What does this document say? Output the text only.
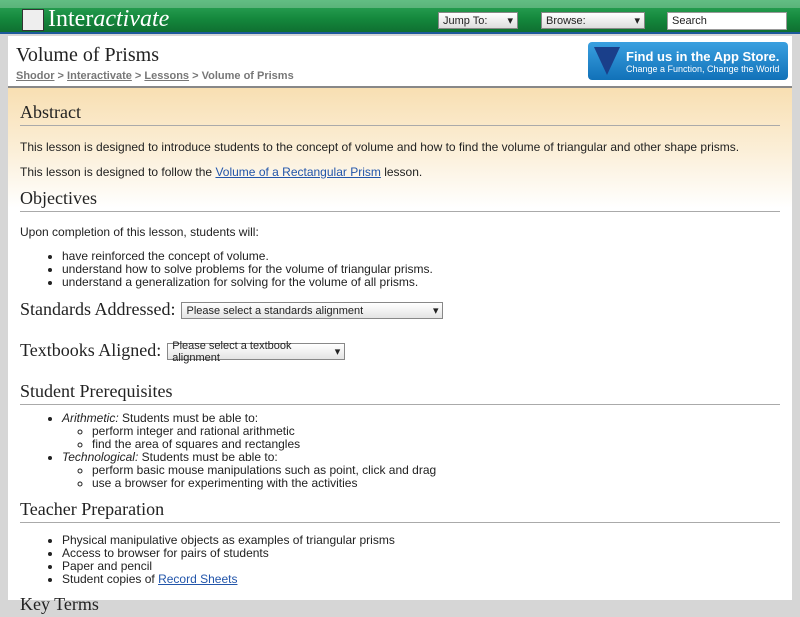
Inter activate	Jump To: ▾	Browse:	▾	Search
Volume of Prisms
Shodor > Interactivate > Lessons > Volume of Prisms
Find us in the App Store.
Change a Function, Change the World
Abstract

This lesson is designed to introduce students to the concept of volume and how to find the volume of triangular and other shape prisms.

This lesson is designed to follow the Volume of a Rectangular Prism lesson.

Objectives

Upon completion of this lesson, students will:

• have reinforced the concept of volume.
• understand how to solve problems for the volume of triangular prisms.
• understand a generalization for solving for the volume of all prisms.
Standards Addressed: Please select a standards alignment	▾
Textbooks Aligned: Please select a textbook alignment	▾
Student Prerequisites
• Arithmetic: Students must be able to:
◦ perform integer and rational arithmetic
◦ find the area of squares and rectangles
• Technological: Students must be able to:
◦ perform basic mouse manipulations such as point, click and drag
◦ use a browser for experimenting with the activities
Teacher Preparation
• Physical manipulative objects as examples of triangular prisms
• Access to browser for pairs of students
• Paper and pencil
• Student copies of Record Sheets
Key Terms
